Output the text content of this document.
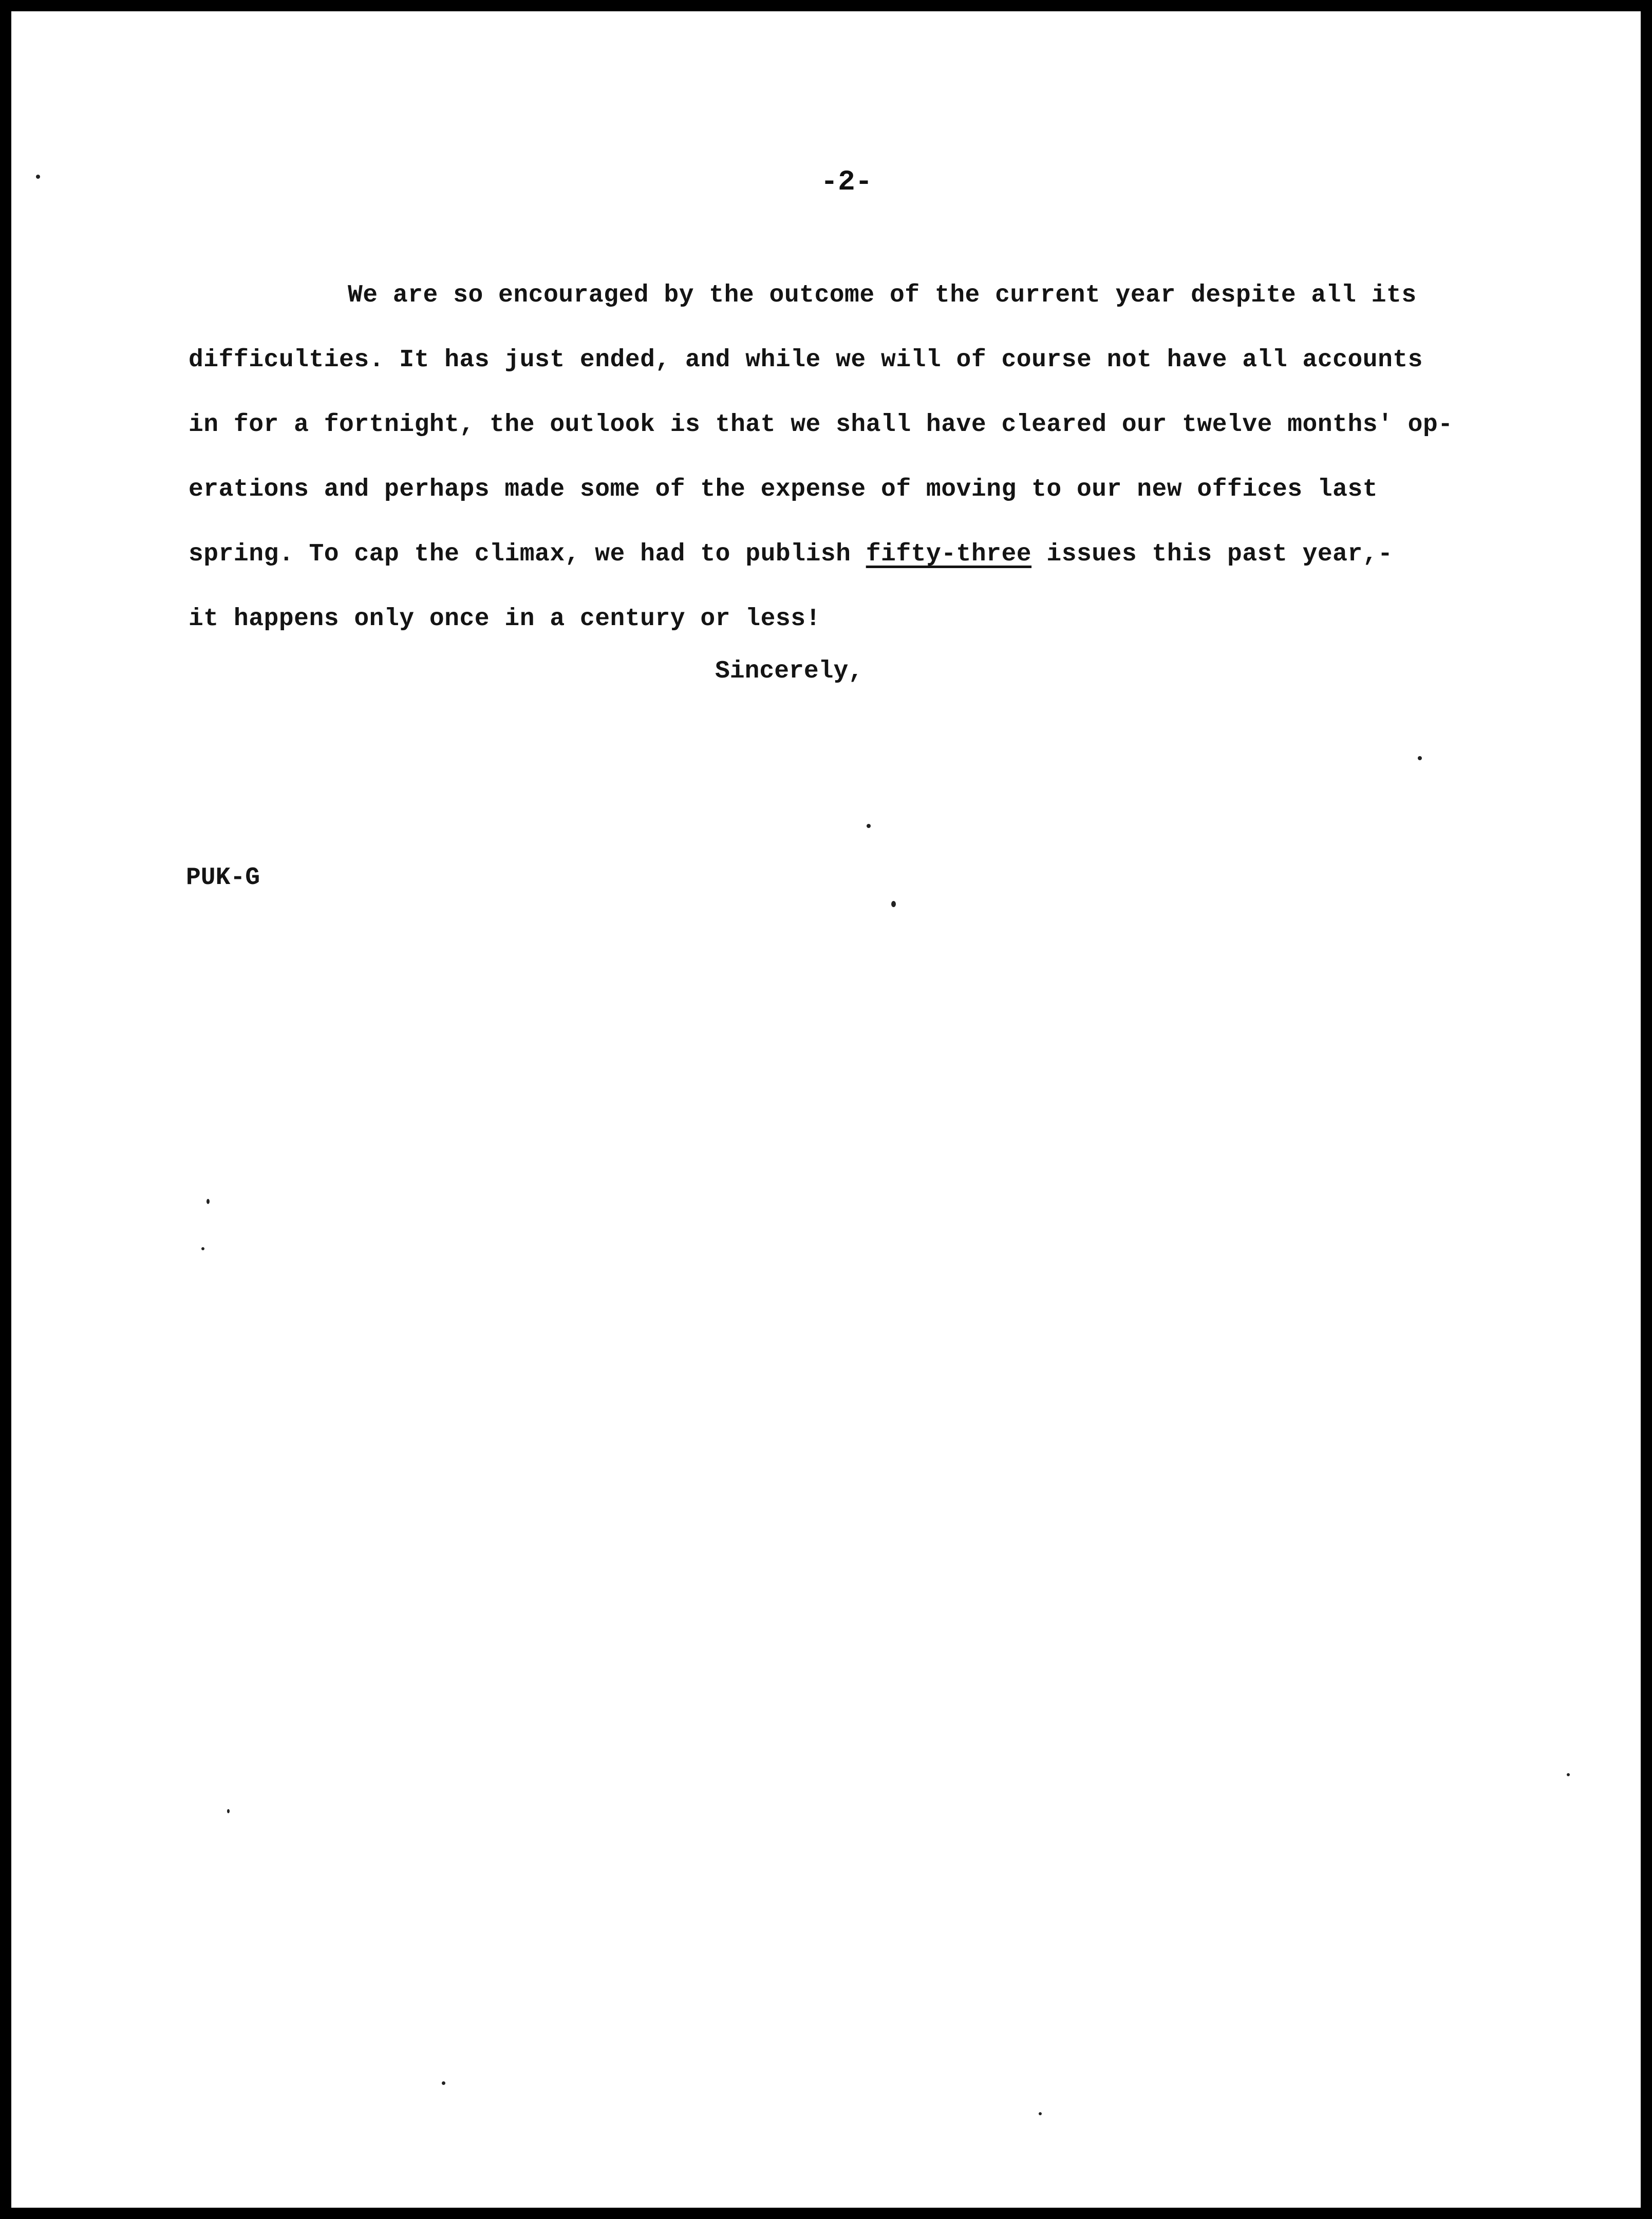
-2-
We are so encouraged by the outcome of the current year despite all its
difficulties. It has just ended, and while we will of course not have all accounts
in for a fortnight, the outlook is that we shall have cleared our twelve months' op-
erations and perhaps made some of the expense of moving to our new offices last
spring. To cap the climax, we had to publish fifty-three issues this past year,-
it happens only once in a century or less!
Sincerely,
PUK-G
